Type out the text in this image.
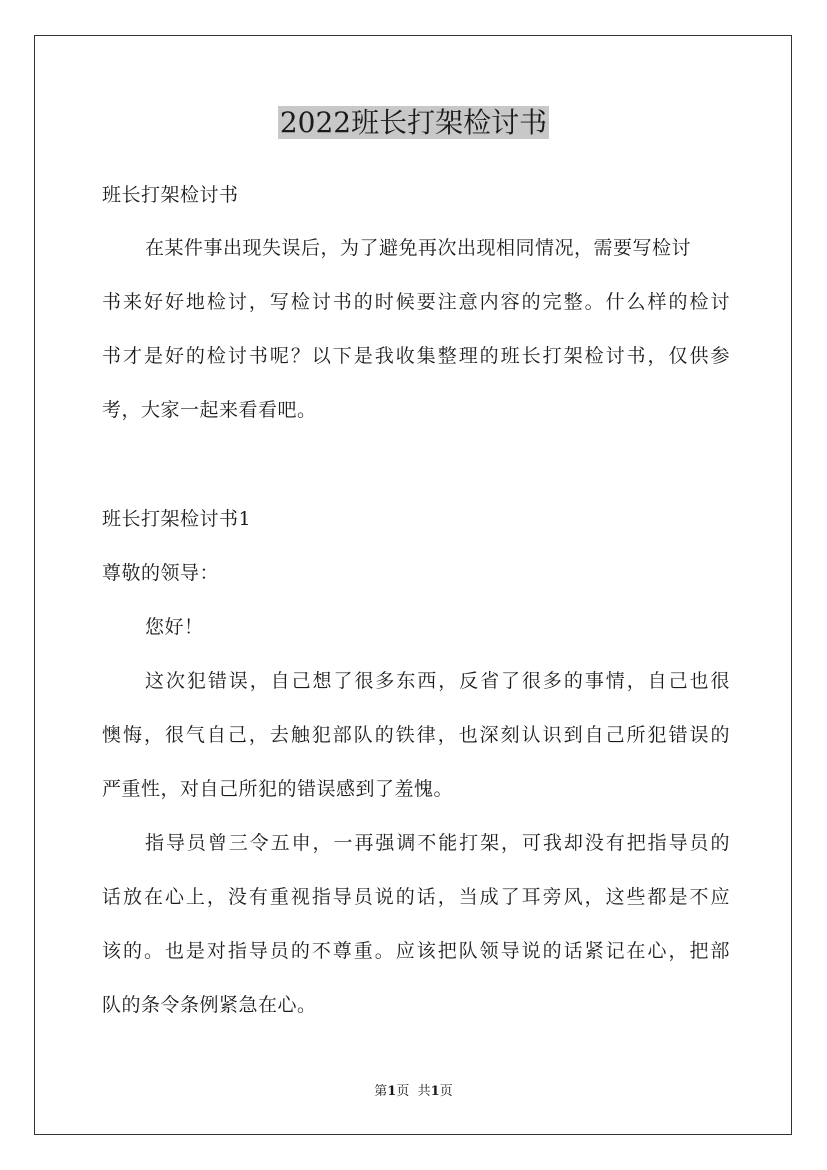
2022班长打架检讨书
班长打架检讨书
在某件事出现失误后，为了避免再次出现相同情况，需要写检讨
书来好好地检讨，写检讨书的时候要注意内容的完整。什么样的检讨
书才是好的检讨书呢？以下是我收集整理的班长打架检讨书，仅供参
考，大家一起来看看吧。
班长打架检讨书1
尊敬的领导：
您好！
这次犯错误，自己想了很多东西，反省了很多的事情，自己也很
懊悔，很气自己，去触犯部队的铁律，也深刻认识到自己所犯错误的
严重性，对自己所犯的错误感到了羞愧。
指导员曾三令五申，一再强调不能打架，可我却没有把指导员的
话放在心上，没有重视指导员说的话，当成了耳旁风，这些都是不应
该的。也是对指导员的不尊重。应该把队领导说的话紧记在心，把部
队的条令条例紧急在心。
第1页 共1页
